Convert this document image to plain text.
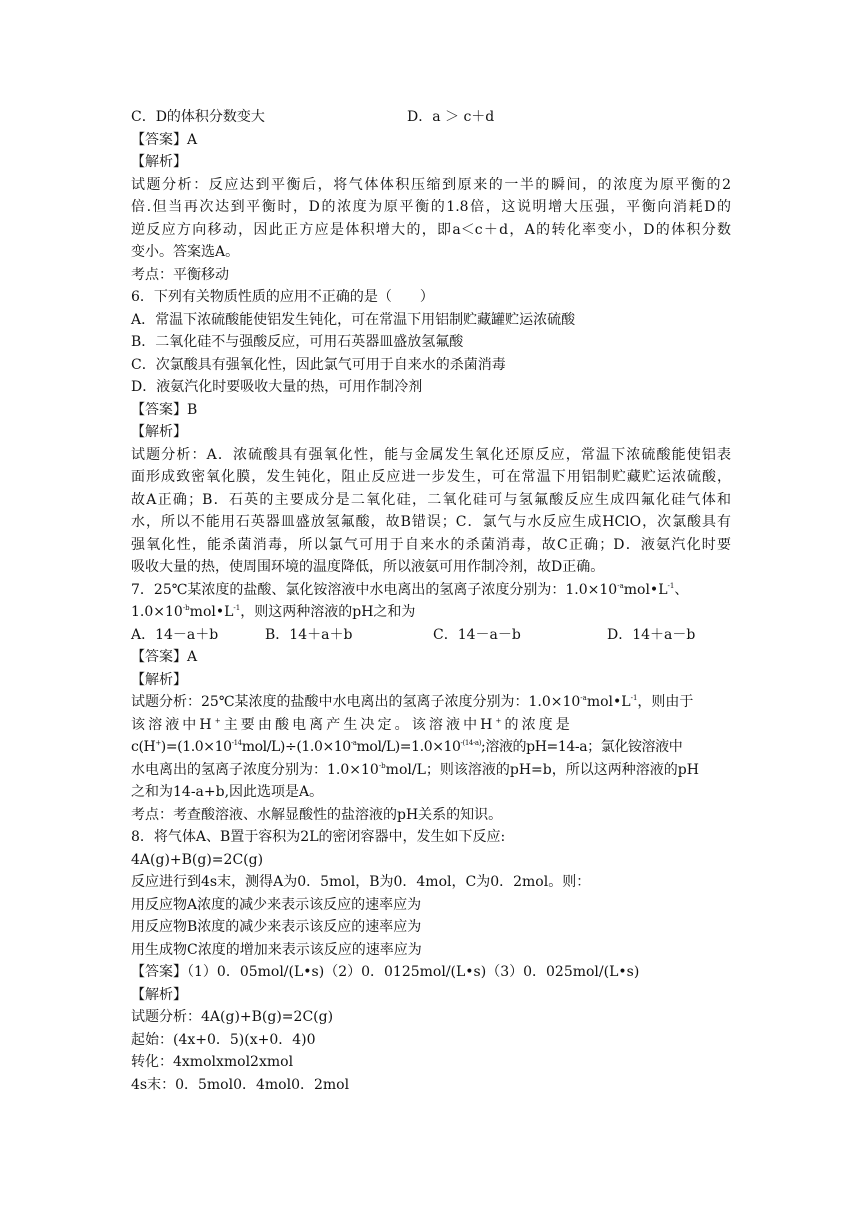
C．D的体积分数变大	D．a ＞ c＋d
【答案】A
【解析】
试题分析：反应达到平衡后，将气体体积压缩到原来的一半的瞬间，的浓度为原平衡的2
倍.但当再次达到平衡时，D的浓度为原平衡的1.8倍，这说明增大压强，平衡向消耗D的
逆反应方向移动，因此正方应是体积增大的，即a＜c＋d，A的转化率变小，D的体积分数
变小。答案选A。
考点：平衡移动
6．下列有关物质性质的应用不正确的是（　　）
A．常温下浓硫酸能使铝发生钝化，可在常温下用铝制贮藏罐贮运浓硫酸
B．二氧化硅不与强酸反应，可用石英器皿盛放氢氟酸
C．次氯酸具有强氧化性，因此氯气可用于自来水的杀菌消毒
D．液氨汽化时要吸收大量的热，可用作制冷剂
【答案】B
【解析】
试题分析：A．浓硫酸具有强氧化性，能与金属发生氧化还原反应，常温下浓硫酸能使铝表
面形成致密氧化膜，发生钝化，阻止反应进一步发生，可在常温下用铝制贮藏贮运浓硫酸，
故A正确；B．石英的主要成分是二氧化硅，二氧化硅可与氢氟酸反应生成四氟化硅气体和
水，所以不能用石英器皿盛放氢氟酸，故B错误；C．氯气与水反应生成HClO，次氯酸具有
强氧化性，能杀菌消毒，所以氯气可用于自来水的杀菌消毒，故C正确；D．液氨汽化时要
吸收大量的热，使周围环境的温度降低，所以液氨可用作制冷剂，故D正确。
7．25℃某浓度的盐酸、氯化铵溶液中水电离出的氢离子浓度分别为：$1.0\times 10^{-a}mol•L^{-1}$、
$1.0\times 10^{-b}mol•L^{-1}$，则这两种溶液的pH之和为
A．14－a＋b	B．14＋a＋b	C．14－a－b	D．14＋a－b
【答案】A
【解析】
试题分析：25℃某浓度的盐酸中水电离出的氢离子浓度分别为：$1.0\times 10^{-a}mol•L^{-1}$，则由于
该溶液中H+主要由酸电离产生决定。该溶液中H+的浓度是
$c(H^+)=(1.0\times 10^{-14}mol/L)\div(1.0\times 10^{-a}mol/L)=1.0\times 10^{-(14-a)}$;溶液的pH=14-a；氯化铵溶液中
水电离出的氢离子浓度分别为：$1.0\times 10^{-b}mol/L$；则该溶液的pH=b，所以这两种溶液的pH
之和为14-a+b,因此选项是A。
考点：考查酸溶液、水解显酸性的盐溶液的pH关系的知识。
8．将气体A、B置于容积为2L的密闭容器中，发生如下反应:
4A(g)+B(g)=2C(g)
反应进行到4s末，测得A为0．5mol，B为0．4mol，C为0．2mol。则：
用反应物A浓度的减少来表示该反应的速率应为
用反应物B浓度的减少来表示该反应的速率应为
用生成物C浓度的增加来表示该反应的速率应为
【答案】（1）0．05mol/(L•s)（2）0．0125mol/(L•s)（3）0．025mol/(L•s)
【解析】
试题分析：4A(g)+B(g)=2C(g)
起始：(4x+0．5)(x+0．4)0
转化：4xmolxmol2xmol
4s末：0．5mol0．4mol0．2mol
